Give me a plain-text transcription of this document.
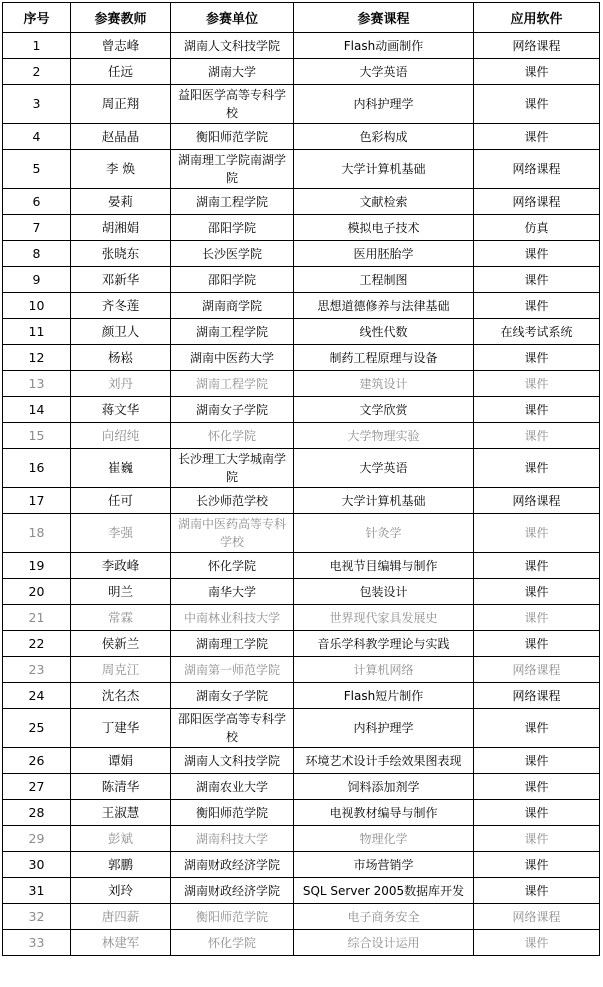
序号	参赛教师	参赛单位	参赛课程	应用软件
1	曾志峰	湖南人文科技学院	Flash动画制作	网络课程
2	任远	湖南大学	大学英语	课件
3	周正翔	益阳医学高等专科学校	内科护理学	课件
4	赵晶晶	衡阳师范学院	色彩构成	课件
5	李 焕	湖南理工学院南湖学院	大学计算机基础	网络课程
6	晏莉	湖南工程学院	文献检索	网络课程
7	胡湘娟	邵阳学院	模拟电子技术	仿真
8	张晓东	长沙医学院	医用胚胎学	课件
9	邓新华	邵阳学院	工程制图	课件
10	齐冬莲	湖南商学院	思想道德修养与法律基础	课件
11	颜卫人	湖南工程学院	线性代数	在线考试系统
12	杨崧	湖南中医药大学	制药工程原理与设备	课件
13	刘丹	湖南工程学院	建筑设计	课件
14	蒋文华	湖南女子学院	文学欣赏	课件
15	向绍纯	怀化学院	大学物理实验	课件
16	崔巍	长沙理工大学城南学院	大学英语	课件
17	任可	长沙师范学校	大学计算机基础	网络课程
18	李强	湖南中医药高等专科学校	针灸学	课件
19	李政峰	怀化学院	电视节目编辑与制作	课件
20	明兰	南华大学	包装设计	课件
21	常霖	中南林业科技大学	世界现代家具发展史	课件
22	侯新兰	湖南理工学院	音乐学科教学理论与实践	课件
23	周克江	湖南第一师范学院	计算机网络	网络课程
24	沈名杰	湖南女子学院	Flash短片制作	网络课程
25	丁建华	邵阳医学高等专科学校	内科护理学	课件
26	谭娟	湖南人文科技学院	环境艺术设计手绘效果图表现	课件
27	陈清华	湖南农业大学	饲料添加剂学	课件
28	王淑慧	衡阳师范学院	电视教材编导与制作	课件
29	彭斌	湖南科技大学	物理化学	课件
30	郭鹏	湖南财政经济学院	市场营销学	课件
31	刘玲	湖南财政经济学院	SQL Server 2005数据库开发	课件
32	唐四薪	衡阳师范学院	电子商务安全	网络课程
33	林建军	怀化学院	综合设计运用	课件
